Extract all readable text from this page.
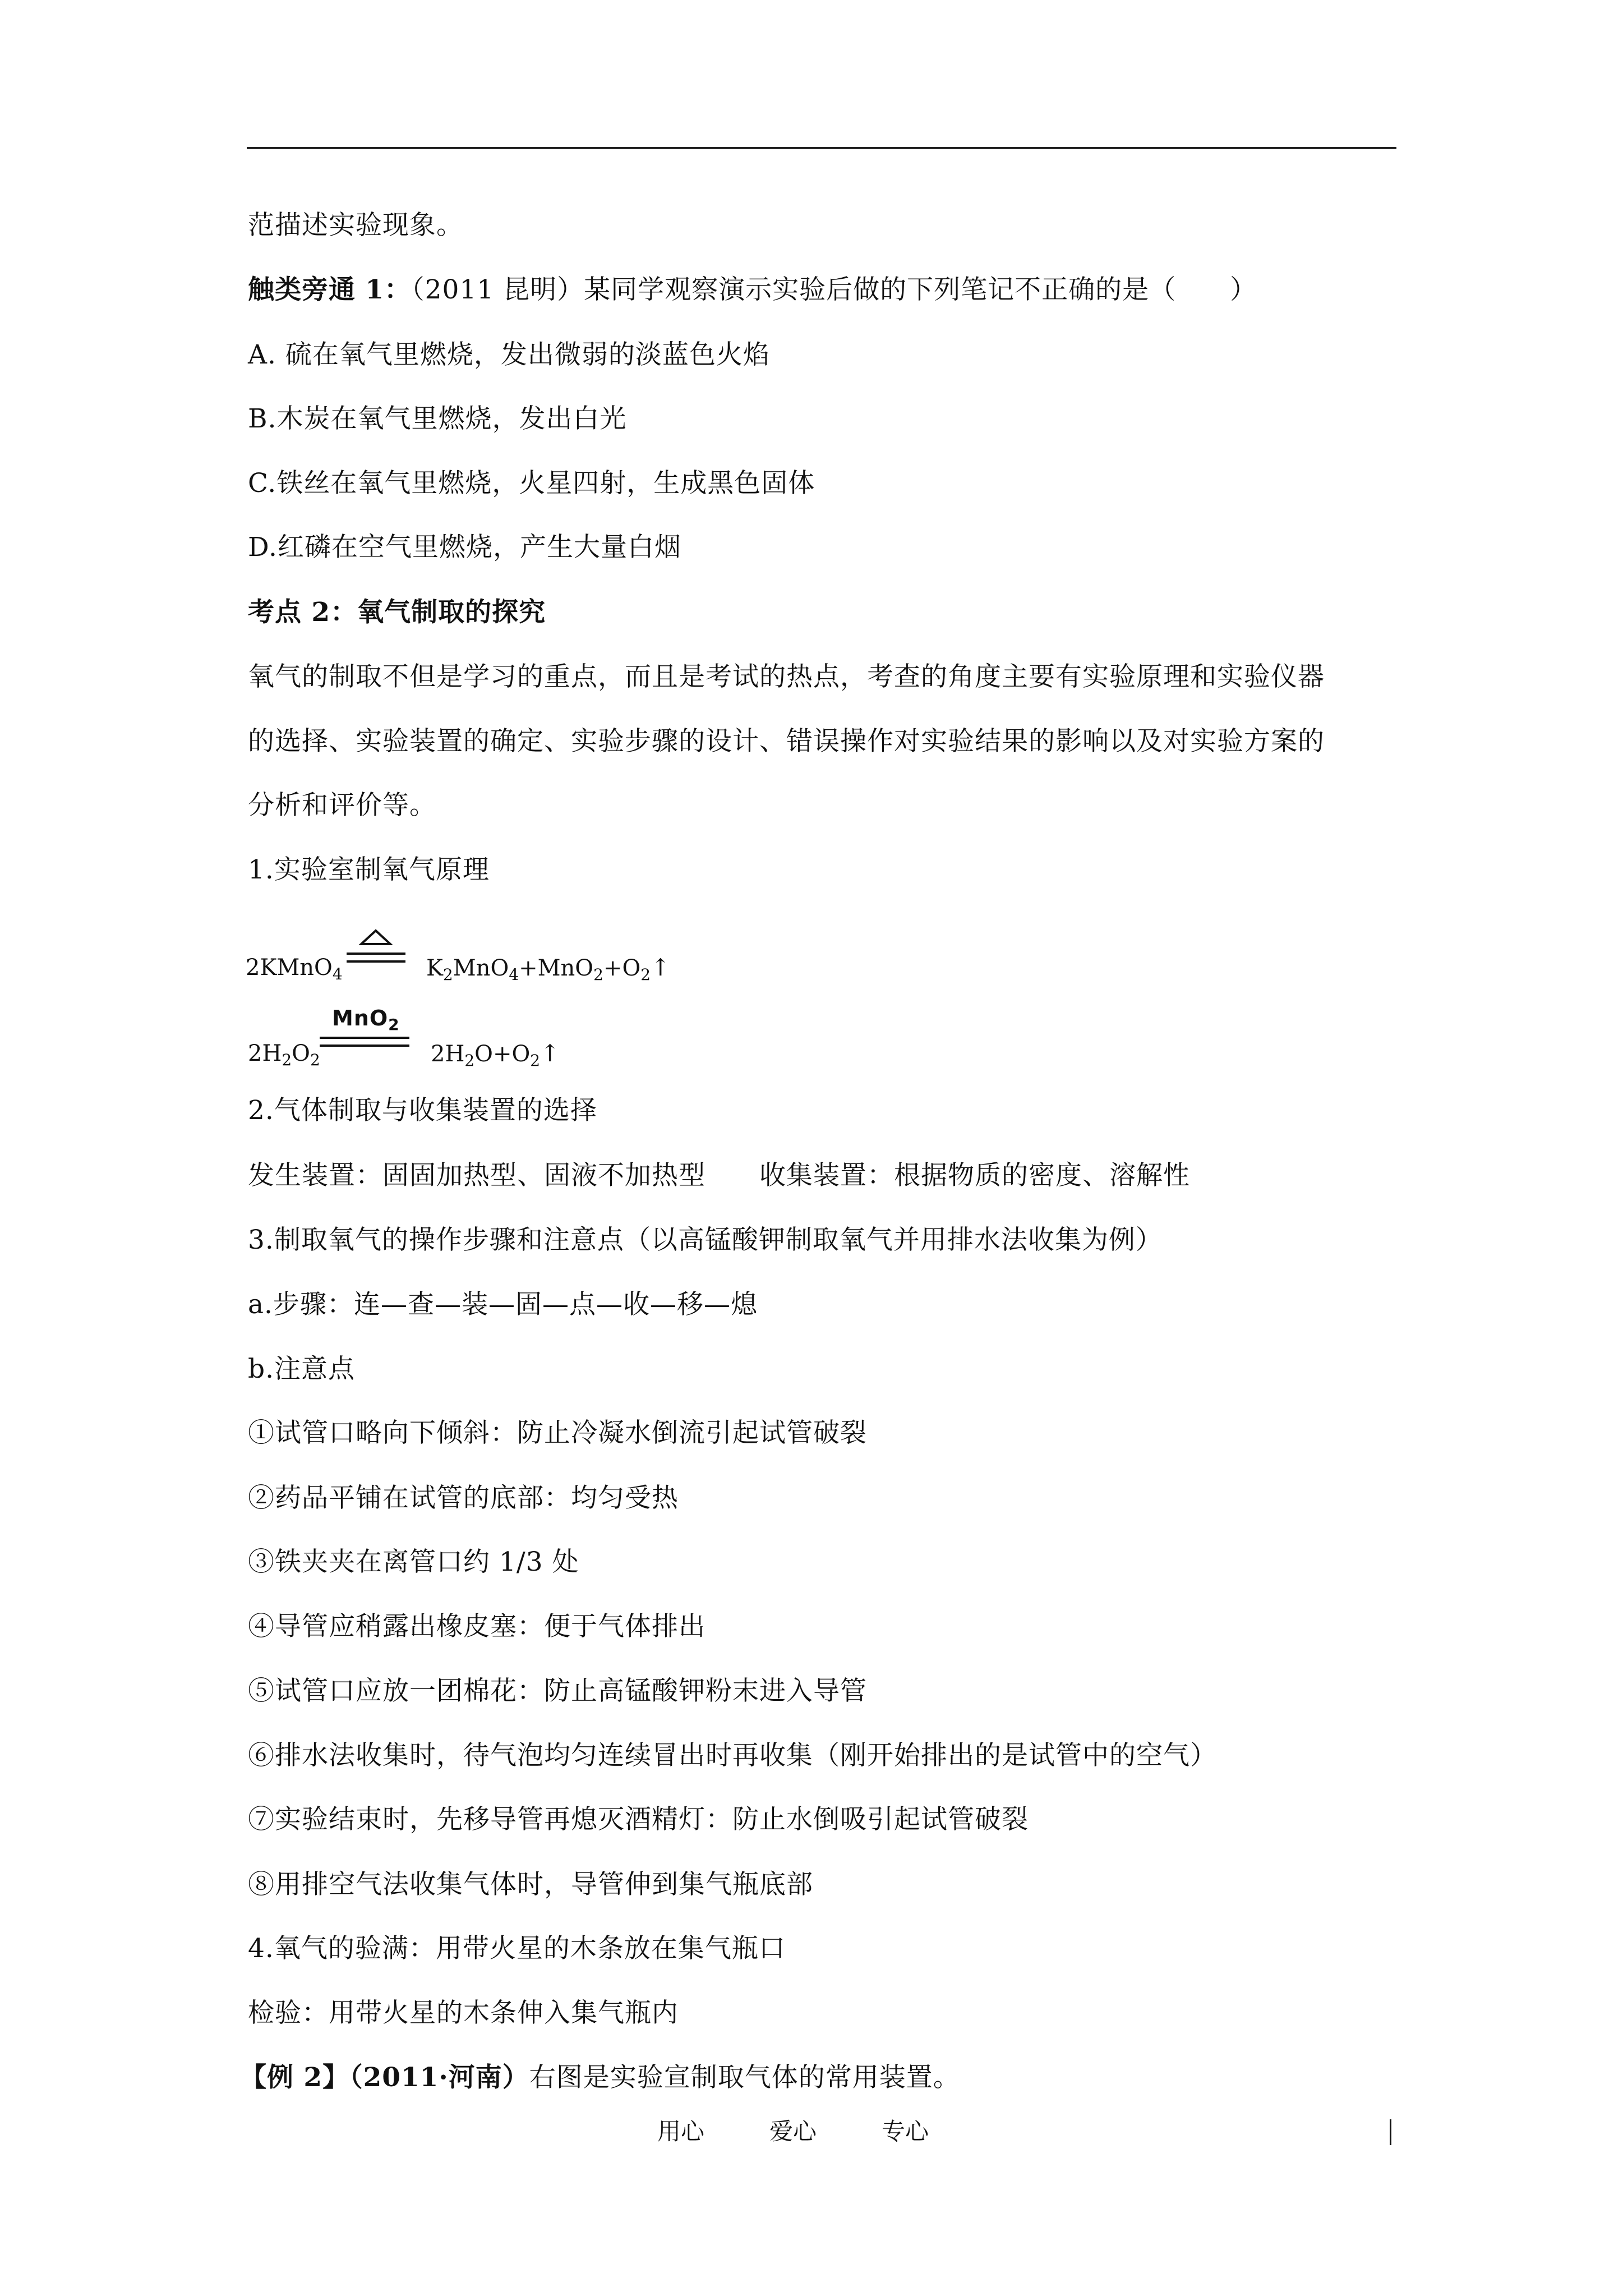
范描述实验现象。
触类旁通 1：（2011 昆明）某同学观察演示实验后做的下列笔记不正确的是（　　）
A. 硫在氧气里燃烧，发出微弱的淡蓝色火焰
B.木炭在氧气里燃烧，发出白光
C.铁丝在氧气里燃烧，火星四射，生成黑色固体
D.红磷在空气里燃烧，产生大量白烟
考点 2：氧气制取的探究
氧气的制取不但是学习的重点，而且是考试的热点，考查的角度主要有实验原理和实验仪器
的选择、实验装置的确定、实验步骤的设计、错误操作对实验结果的影响以及对实验方案的
分析和评价等。
1.实验室制氧气原理
2KMnO$_4$	$K_2MnO_4+MnO_2+O_2↑$
$2H_2O_2$
MnO$_2$
$2H_2O+O_2↑$
2.气体制取与收集装置的选择
发生装置：固固加热型、固液不加热型　　收集装置：根据物质的密度、溶解性
3.制取氧气的操作步骤和注意点（以高锰酸钾制取氧气并用排水法收集为例）
a.步骤：连—查—装—固—点—收—移—熄
b.注意点
①试管口略向下倾斜：防止冷凝水倒流引起试管破裂
②药品平铺在试管的底部：均匀受热
③铁夹夹在离管口约 1/3 处
④导管应稍露出橡皮塞：便于气体排出
⑤试管口应放一团棉花：防止高锰酸钾粉末进入导管
⑥排水法收集时，待气泡均匀连续冒出时再收集（刚开始排出的是试管中的空气）
⑦实验结束时，先移导管再熄灭酒精灯：防止水倒吸引起试管破裂
⑧用排空气法收集气体时，导管伸到集气瓶底部
4.氧气的验满：用带火星的木条放在集气瓶口
检验：用带火星的木条伸入集气瓶内
【例 2】（2011·河南）右图是实验宣制取气体的常用装置。
用心	爱心	专心
